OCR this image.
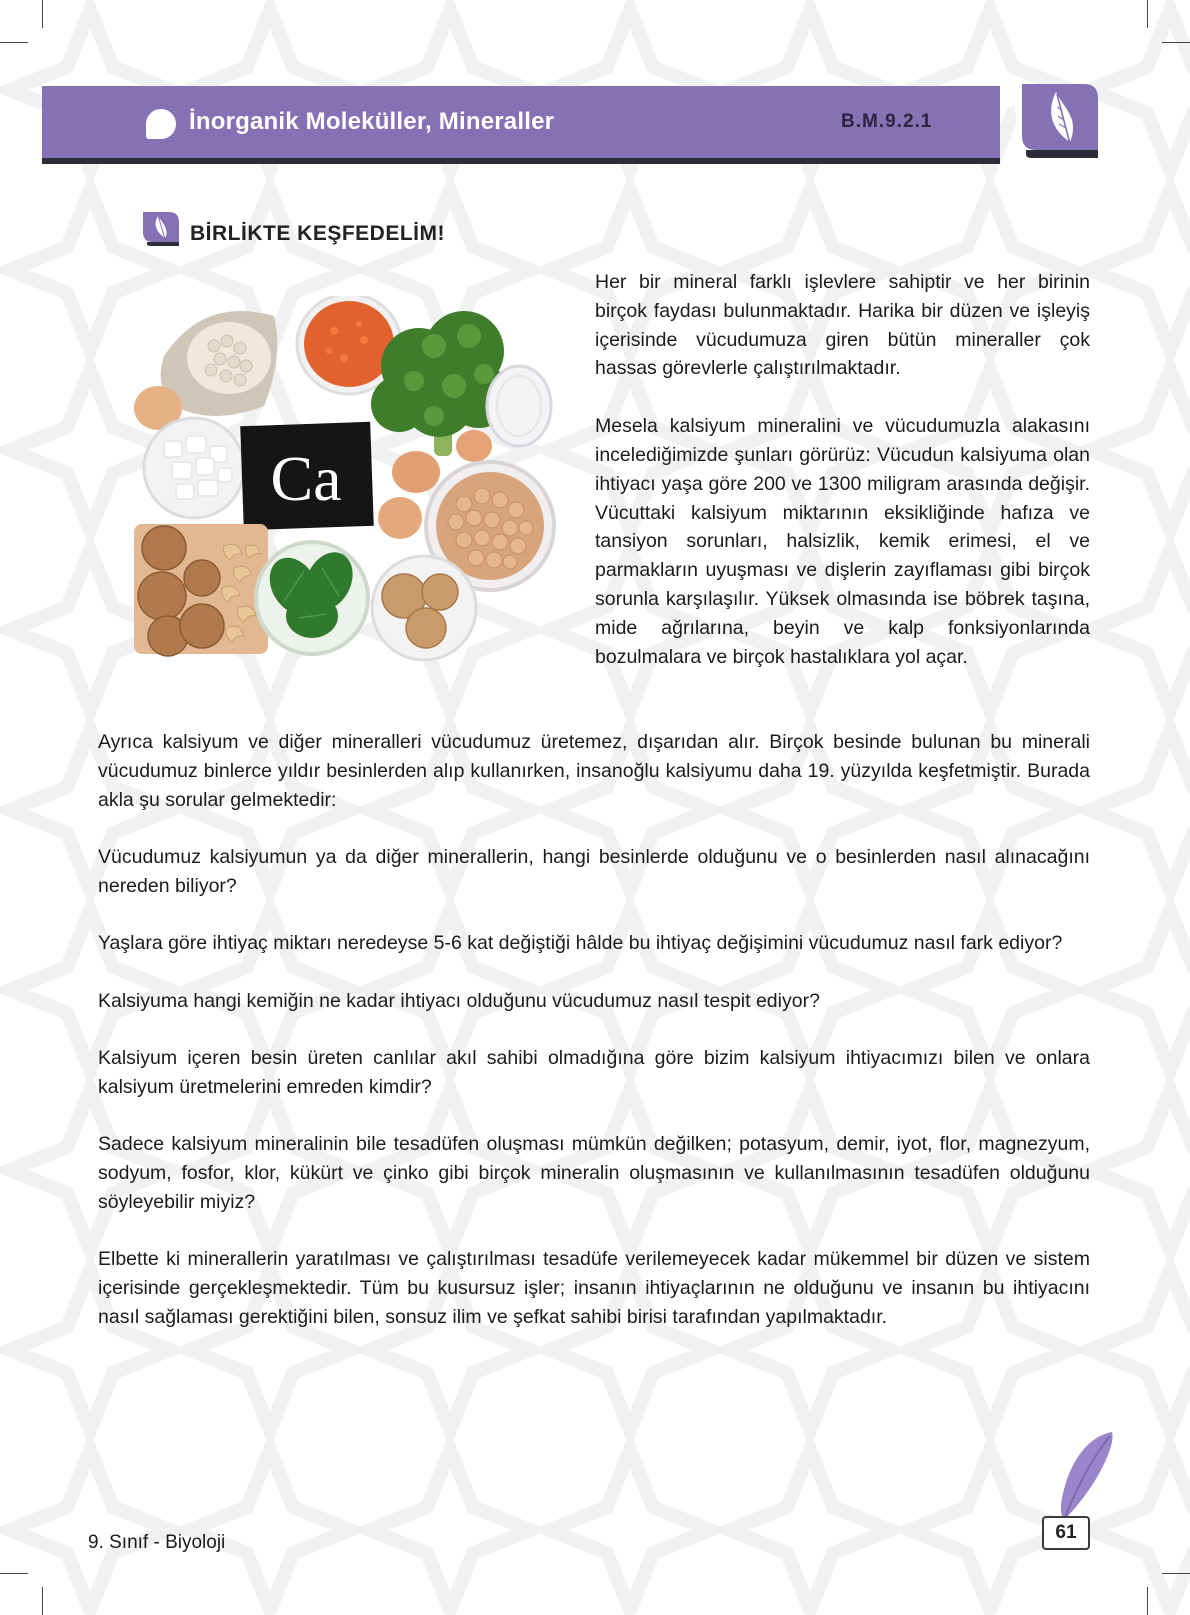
İnorganik Moleküller, Mineraller	B.M.9.2.1
BİRLİKTE KEŞFEDELİM!
Ca

Her bir mineral farklı işlevlere sahiptir ve her birinin birçok faydası bulunmaktadır. Harika bir düzen ve işleyiş içerisinde vücudumuza giren bütün mineraller çok hassas görevlerle çalıştırılmaktadır.

Mesela kalsiyum mineralini ve vücudumuzla alakasını incelediğimizde şunları görürüz: Vücudun kalsiyuma olan ihtiyacı yaşa göre 200 ve 1300 miligram arasında değişir. Vücuttaki kalsiyum miktarının eksikliğinde hafıza ve tansiyon sorunları, halsizlik, kemik erimesi, el ve parmakların uyuşması ve dişlerin zayıflaması gibi birçok sorunla karşılaşılır. Yüksek olmasında ise böbrek taşına, mide ağrılarına, beyin ve kalp fonksiyonlarında bozulmalara ve birçok hastalıklara yol açar.

Ayrıca kalsiyum ve diğer mineralleri vücudumuz üretemez, dışarıdan alır. Birçok besinde bulunan bu minerali vücudumuz binlerce yıldır besinlerden alıp kullanırken, insanoğlu kalsiyumu daha 19. yüzyılda keşfetmiştir. Burada akla şu sorular gelmektedir:

Vücudumuz kalsiyumun ya da diğer minerallerin, hangi besinlerde olduğunu ve o besinlerden nasıl alınacağını nereden biliyor?

Yaşlara göre ihtiyaç miktarı neredeyse 5-6 kat değiştiği hâlde bu ihtiyaç değişimini vücudumuz nasıl fark ediyor?

Kalsiyuma hangi kemiğin ne kadar ihtiyacı olduğunu vücudumuz nasıl tespit ediyor?

Kalsiyum içeren besin üreten canlılar akıl sahibi olmadığına göre bizim kalsiyum ihtiyacımızı bilen ve onlara kalsiyum üretmelerini emreden kimdir?

Sadece kalsiyum mineralinin bile tesadüfen oluşması mümkün değilken; potasyum, demir, iyot, flor, magnezyum, sodyum, fosfor, klor, kükürt ve çinko gibi birçok mineralin oluşmasının ve kullanılmasının tesadüfen olduğunu söyleyebilir miyiz?

Elbette ki minerallerin yaratılması ve çalıştırılması tesadüfe verilemeyecek kadar mükemmel bir düzen ve sistem içerisinde gerçekleşmektedir. Tüm bu kusursuz işler; insanın ihtiyaçlarının ne olduğunu ve insanın bu ihtiyacını nasıl sağlaması gerektiğini bilen, sonsuz ilim ve şefkat sahibi birisi tarafından yapılmaktadır.

9. Sınıf - Biyoloji	61
